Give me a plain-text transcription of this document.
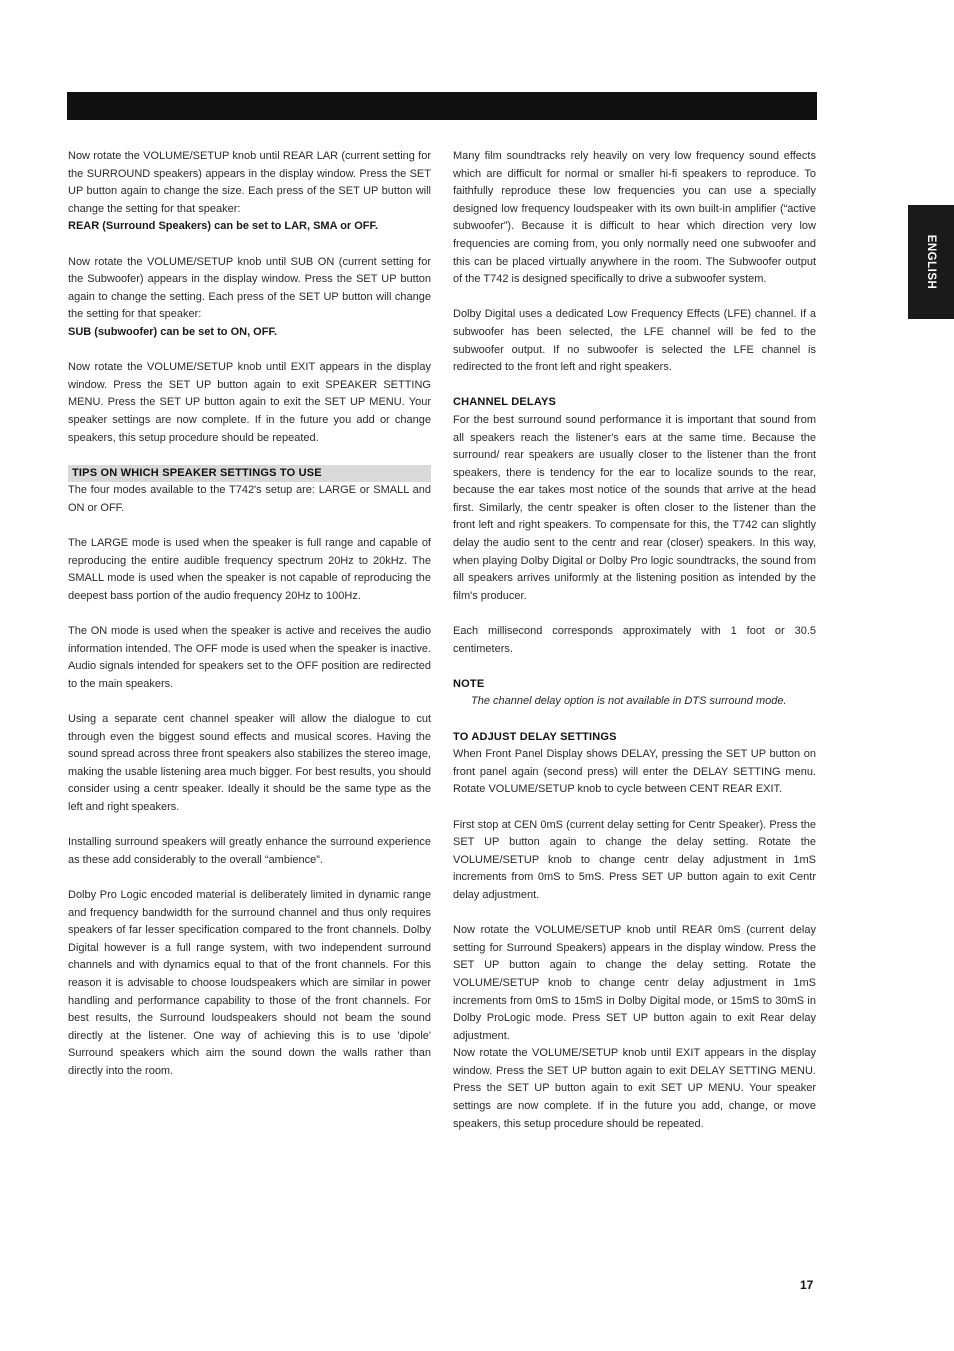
ENGLISH

Now rotate the VOLUME/SETUP knob until REAR LAR (current setting for the SURROUND speakers) appears in the display window. Press the SET UP button again to change the size. Each press of the SET UP button will change the setting for that speaker:

REAR (Surround Speakers) can be set to LAR, SMA or OFF.

Now rotate the VOLUME/SETUP knob until SUB ON (current setting for the Subwoofer) appears in the display window. Press the SET UP button again to change the setting. Each press of the SET UP button will change the setting for that speaker:

SUB (subwoofer) can be set to ON, OFF.

Now rotate the VOLUME/SETUP knob until EXIT appears in the display window. Press the SET UP button again to exit SPEAKER SETTING MENU. Press the SET UP button again to exit the SET UP MENU. Your speaker settings are now complete. If in the future you add or change speakers, this setup procedure should be repeated.

TIPS ON WHICH SPEAKER SETTINGS TO USE

The four modes available to the T742's setup are: LARGE or SMALL and ON or OFF.

The LARGE mode is used when the speaker is full range and capable of reproducing the entire audible frequency spectrum 20Hz to 20kHz. The SMALL mode is used when the speaker is not capable of reproducing the deepest bass portion of the audio frequency 20Hz to 100Hz.

The ON mode is used when the speaker is active and receives the audio information intended. The OFF mode is used when the speaker is inactive. Audio signals intended for speakers set to the OFF position are redirected to the main speakers.

Using a separate cent channel speaker will allow the dialogue to cut through even the biggest sound effects and musical scores. Having the sound spread across three front speakers also stabilizes the stereo image, making the usable listening area much bigger. For best results, you should consider using a centr speaker. Ideally it should be the same type as the left and right speakers.

Installing surround speakers will greatly enhance the surround experience as these add considerably to the overall “ambience”.

Dolby Pro Logic encoded material is deliberately limited in dynamic range and frequency bandwidth for the surround channel and thus only requires speakers of far lesser specification compared to the front channels. Dolby Digital however is a full range system, with two independent surround channels and with dynamics equal to that of the front channels. For this reason it is advisable to choose loudspeakers which are similar in power handling and performance capability to those of the front channels. For best results, the Surround loudspeakers should not beam the sound directly at the listener. One way of achieving this is to use 'dipole' Surround speakers which aim the sound down the walls rather than directly into the room.

Many film soundtracks rely heavily on very low frequency sound effects which are difficult for normal or smaller hi-fi speakers to reproduce. To faithfully reproduce these low frequencies you can use a specially designed low frequency loudspeaker with its own built-in amplifier (“active subwoofer”). Because it is difficult to hear which direction very low frequencies are coming from, you only normally need one subwoofer and this can be placed virtually anywhere in the room. The Subwoofer output of the T742 is designed specifically to drive a subwoofer system.

Dolby Digital uses a dedicated Low Frequency Effects (LFE) channel. If a subwoofer has been selected, the LFE channel will be fed to the subwoofer output. If no subwoofer is selected the LFE channel is redirected to the front left and right speakers.

CHANNEL DELAYS

For the best surround sound performance it is important that sound from all speakers reach the listener's ears at the same time. Because the surround/ rear speakers are usually closer to the listener than the front speakers, there is tendency for the ear to localize sounds to the rear, because the ear takes most notice of the sounds that arrive at the head first. Similarly, the centr speaker is often closer to the listener than the front left and right speakers. To compensate for this, the T742 can slightly delay the audio sent to the centr and rear (closer) speakers. In this way, when playing Dolby Digital or Dolby Pro logic soundtracks, the sound from all speakers arrives uniformly at the listening position as intended by the film's producer.

Each millisecond corresponds approximately with 1 foot or 30.5 centimeters.

NOTE

The channel delay option is not available in DTS surround mode.

TO ADJUST DELAY SETTINGS

When Front Panel Display shows DELAY, pressing the SET UP button on front panel again (second press) will enter the DELAY SETTING menu. Rotate VOLUME/SETUP knob to cycle between CENT REAR EXIT.

First stop at CEN 0mS (current delay setting for Centr Speaker). Press the SET UP button again to change the delay setting. Rotate the VOLUME/SETUP knob to change centr delay adjustment in 1mS increments from 0mS to 5mS. Press SET UP button again to exit Centr delay adjustment.

Now rotate the VOLUME/SETUP knob until REAR 0mS (current delay setting for Surround Speakers) appears in the display window. Press the SET UP button again to change the delay setting. Rotate the VOLUME/SETUP knob to change centr delay adjustment in 1mS increments from 0mS to 15mS in Dolby Digital mode, or 15mS to 30mS in Dolby ProLogic mode. Press SET UP button again to exit Rear delay adjustment.

Now rotate the VOLUME/SETUP knob until EXIT appears in the display window. Press the SET UP button again to exit DELAY SETTING MENU. Press the SET UP button again to exit SET UP MENU. Your speaker settings are now complete. If in the future you add, change, or move speakers, this setup procedure should be repeated.

17
